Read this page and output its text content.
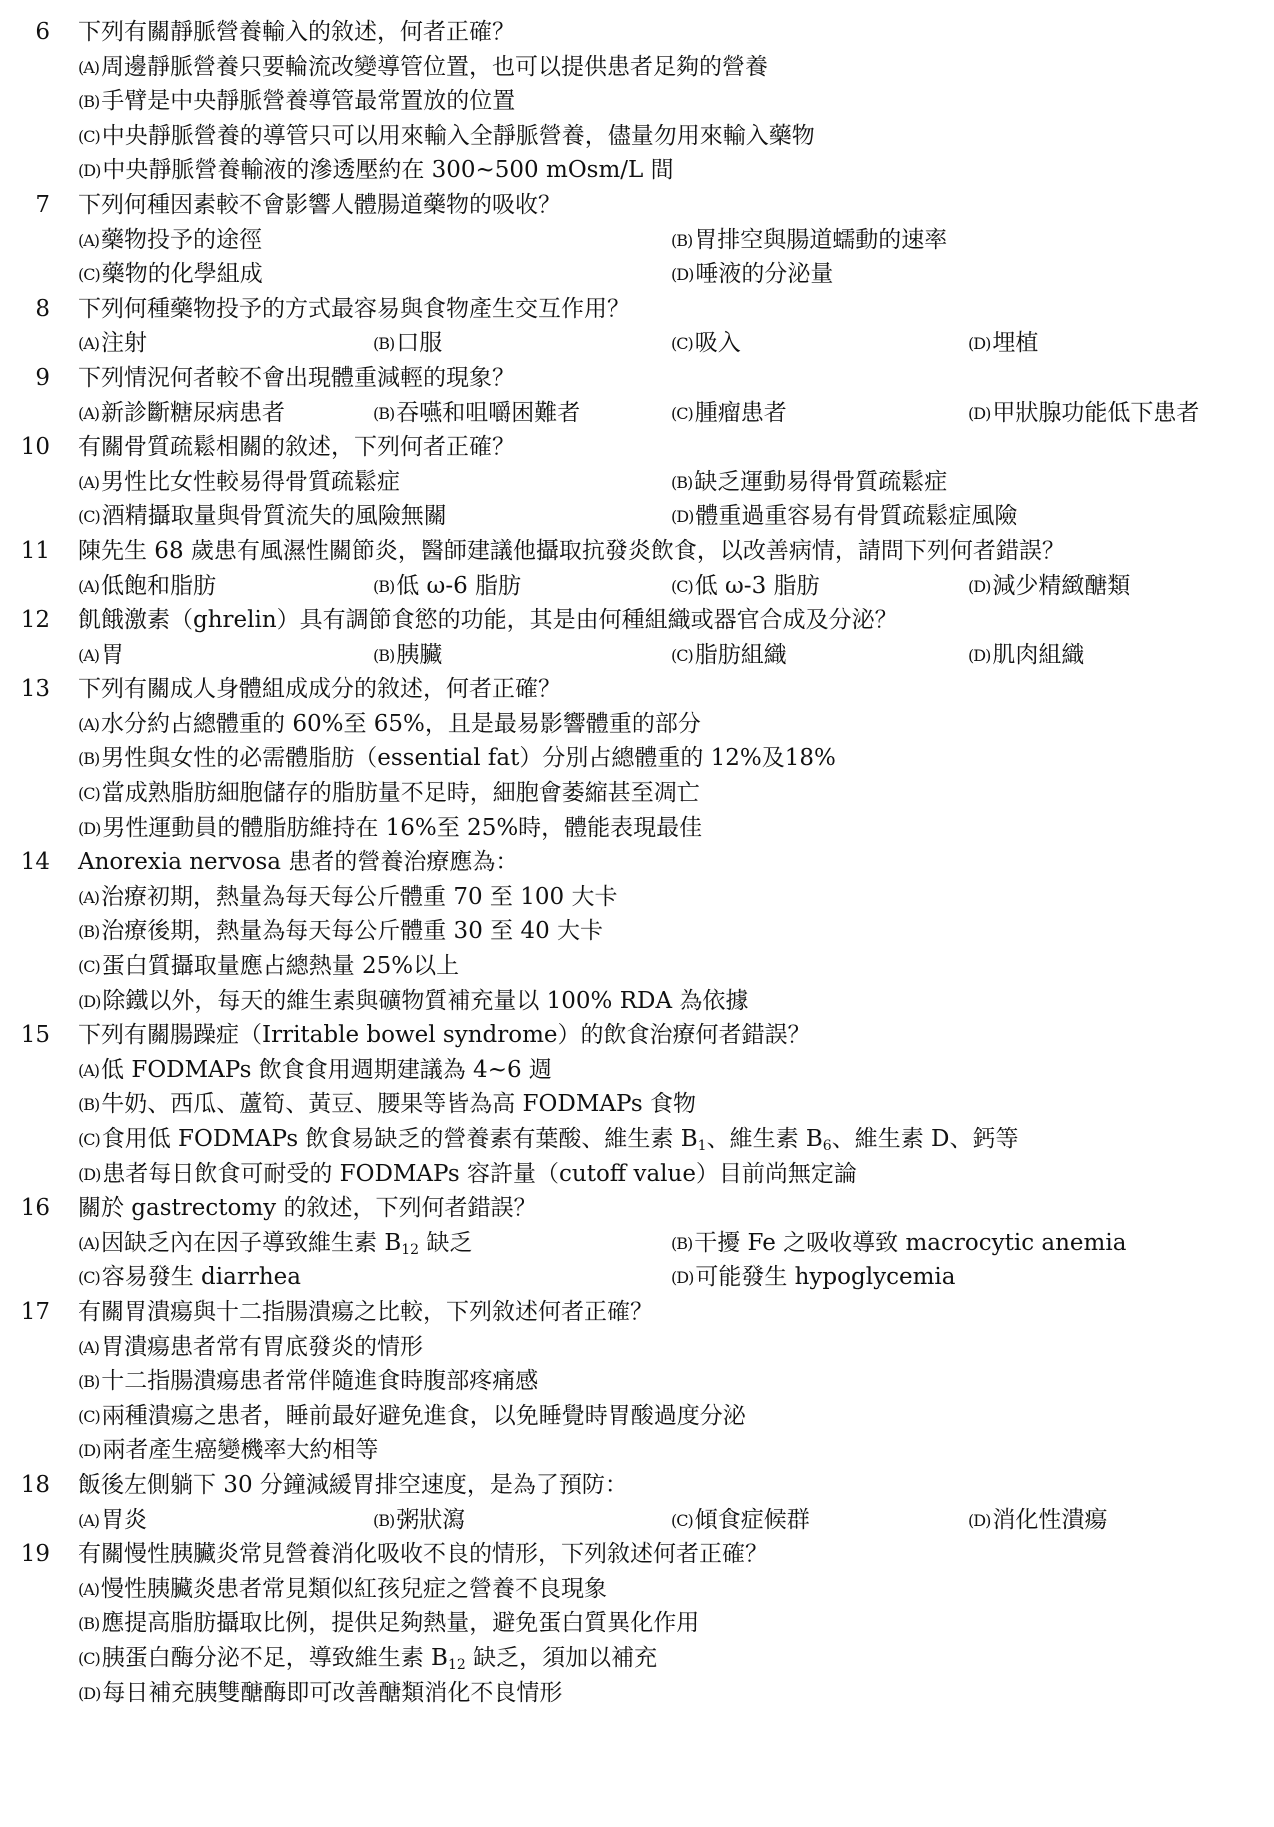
6 下列有關靜脈營養輸入的敘述，何者正確？
(A)周邊靜脈營養只要輪流改變導管位置，也可以提供患者足夠的營養
(B)手臂是中央靜脈營養導管最常置放的位置
(C)中央靜脈營養的導管只可以用來輸入全靜脈營養，儘量勿用來輸入藥物
(D)中央靜脈營養輸液的滲透壓約在 300~500 mOsm/L 間
7 下列何種因素較不會影響人體腸道藥物的吸收？
(A)藥物投予的途徑	(B)胃排空與腸道蠕動的速率
(C)藥物的化學組成	(D)唾液的分泌量
8 下列何種藥物投予的方式最容易與食物產生交互作用？
(A)注射	(B)口服	(C)吸入	(D)埋植
9 下列情況何者較不會出現體重減輕的現象？
(A)新診斷糖尿病患者	(B)吞嚥和咀嚼困難者	(C)腫瘤患者	(D)甲狀腺功能低下患者
10 有關骨質疏鬆相關的敘述，下列何者正確？
(A)男性比女性較易得骨質疏鬆症	(B)缺乏運動易得骨質疏鬆症
(C)酒精攝取量與骨質流失的風險無關	(D)體重過重容易有骨質疏鬆症風險
11 陳先生 68 歲患有風濕性關節炎，醫師建議他攝取抗發炎飲食，以改善病情，請問下列何者錯誤？
(A)低飽和脂肪	(B)低 ω-6 脂肪	(C)低 ω-3 脂肪	(D)減少精緻醣類
12 飢餓激素（ghrelin）具有調節食慾的功能，其是由何種組織或器官合成及分泌？
(A)胃	(B)胰臟	(C)脂肪組織	(D)肌肉組織
13 下列有關成人身體組成成分的敘述，何者正確？
(A)水分約占總體重的 60%至 65%，且是最易影響體重的部分
(B)男性與女性的必需體脂肪（essential fat）分別占總體重的 12%及18%
(C)當成熟脂肪細胞儲存的脂肪量不足時，細胞會萎縮甚至凋亡
(D)男性運動員的體脂肪維持在 16%至 25%時，體能表現最佳
14 Anorexia nervosa 患者的營養治療應為：
(A)治療初期，熱量為每天每公斤體重 70 至 100 大卡
(B)治療後期，熱量為每天每公斤體重 30 至 40 大卡
(C)蛋白質攝取量應占總熱量 25%以上
(D)除鐵以外，每天的維生素與礦物質補充量以 100% RDA 為依據
15 下列有關腸躁症（Irritable bowel syndrome）的飲食治療何者錯誤？
(A)低 FODMAPs 飲食食用週期建議為 4~6 週
(B)牛奶、西瓜、蘆筍、黃豆、腰果等皆為高 FODMAPs 食物
(C)食用低 FODMAPs 飲食易缺乏的營養素有葉酸、維生素 $B_1$、維生素 $B_6$、維生素 D、鈣等
(D)患者每日飲食可耐受的 FODMAPs 容許量（cutoff value）目前尚無定論
16 關於 gastrectomy 的敘述，下列何者錯誤？
(A)因缺乏內在因子導致維生素 $B_{12}$ 缺乏	(B)干擾 Fe 之吸收導致 macrocytic anemia
(C)容易發生 diarrhea	(D)可能發生 hypoglycemia
17 有關胃潰瘍與十二指腸潰瘍之比較，下列敘述何者正確？
(A)胃潰瘍患者常有胃底發炎的情形
(B)十二指腸潰瘍患者常伴隨進食時腹部疼痛感
(C)兩種潰瘍之患者，睡前最好避免進食，以免睡覺時胃酸過度分泌
(D)兩者產生癌變機率大約相等
18 飯後左側躺下 30 分鐘減緩胃排空速度，是為了預防：
(A)胃炎	(B)粥狀瀉	(C)傾食症候群	(D)消化性潰瘍
19 有關慢性胰臟炎常見營養消化吸收不良的情形，下列敘述何者正確？
(A)慢性胰臟炎患者常見類似紅孩兒症之營養不良現象
(B)應提高脂肪攝取比例，提供足夠熱量，避免蛋白質異化作用
(C)胰蛋白酶分泌不足，導致維生素 $B_{12}$ 缺乏，須加以補充
(D)每日補充胰雙醣酶即可改善醣類消化不良情形
